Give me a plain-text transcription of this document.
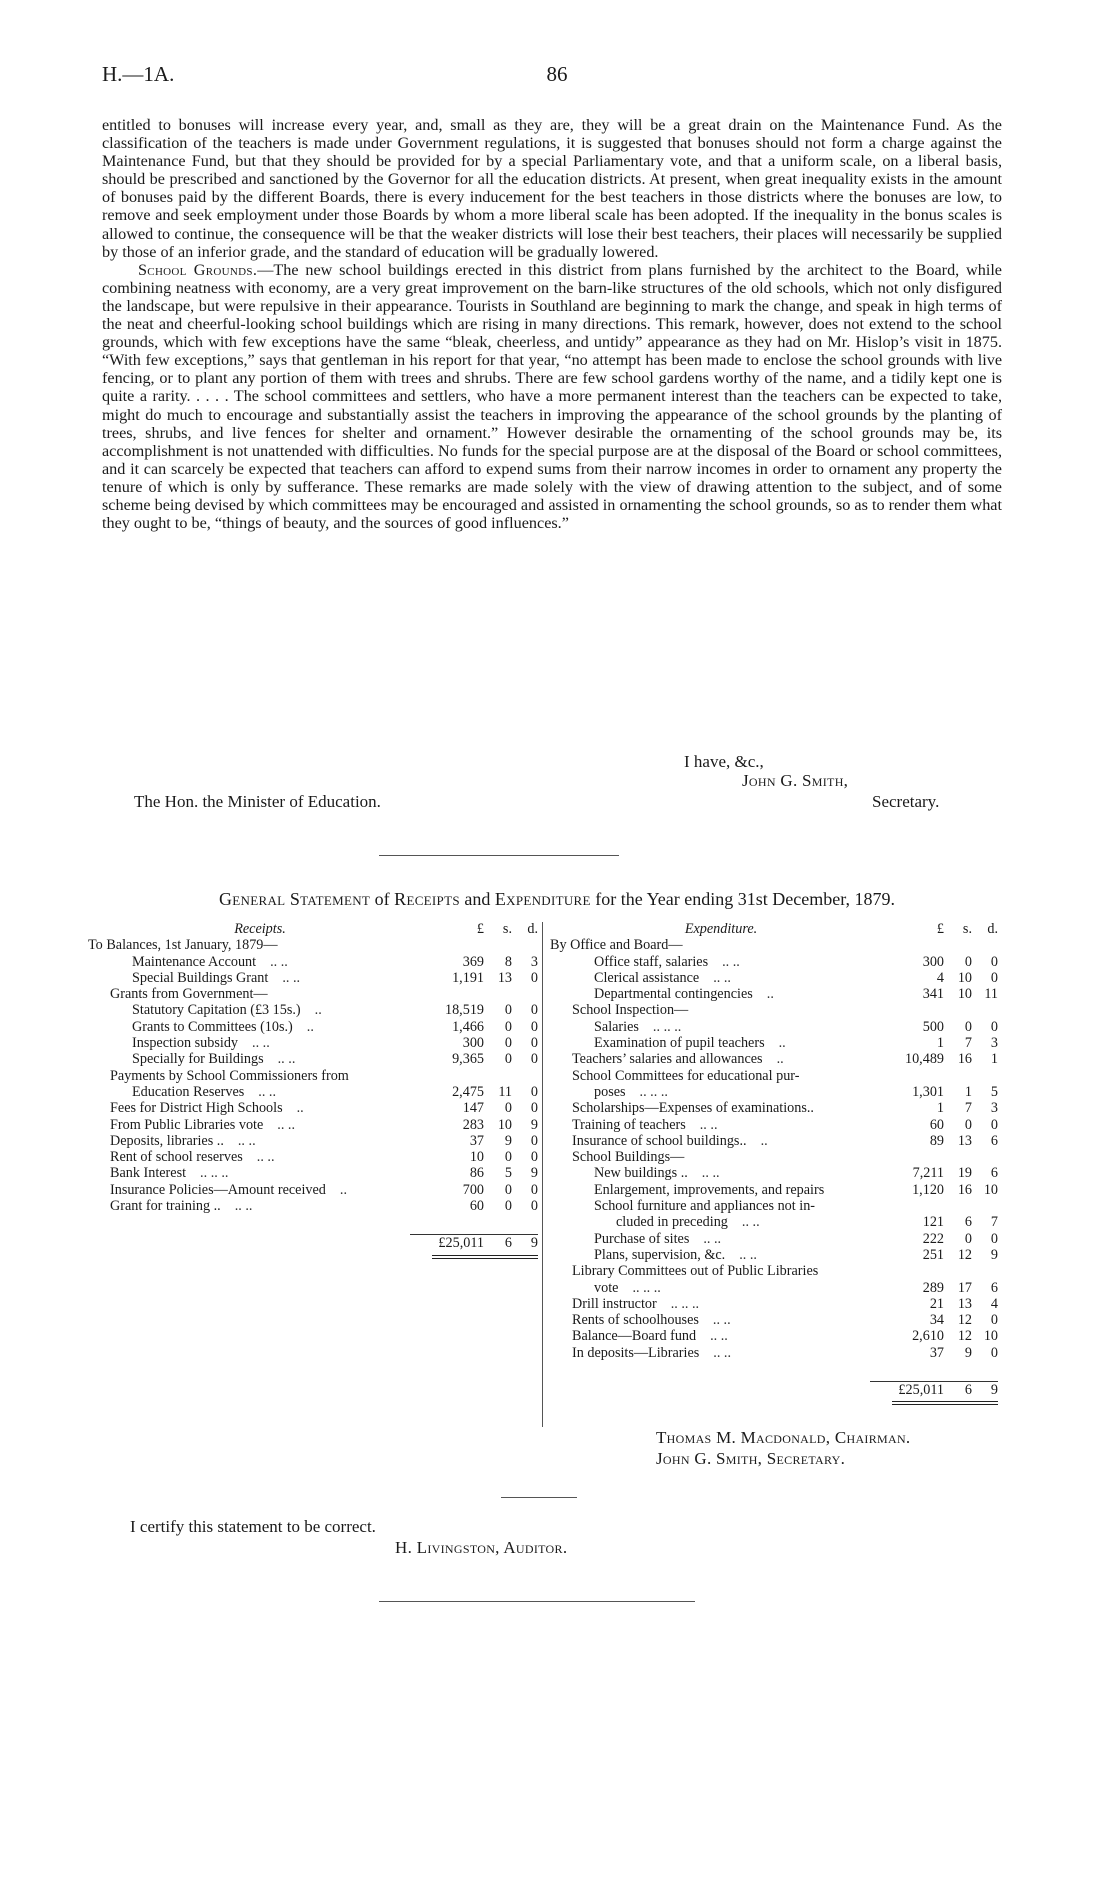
H.—1A.	86

entitled to bonuses will increase every year, and, small as they are, they will be a great drain on the Maintenance Fund. As the classification of the teachers is made under Government regulations, it is suggested that bonuses should not form a charge against the Maintenance Fund, but that they should be provided for by a special Parliamentary vote, and that a uniform scale, on a liberal basis, should be prescribed and sanctioned by the Governor for all the education districts. At present, when great inequality exists in the amount of bonuses paid by the different Boards, there is every inducement for the best teachers in those districts where the bonuses are low, to remove and seek employment under those Boards by whom a more liberal scale has been adopted. If the inequality in the bonus scales is allowed to continue, the consequence will be that the weaker districts will lose their best teachers, their places will necessarily be supplied by those of an inferior grade, and the standard of education will be gradually lowered.

School Grounds.—The new school buildings erected in this district from plans furnished by the architect to the Board, while combining neatness with economy, are a very great improvement on the barn-like structures of the old schools, which not only disfigured the landscape, but were repulsive in their appearance. Tourists in Southland are beginning to mark the change, and speak in high terms of the neat and cheerful-looking school buildings which are rising in many directions. This remark, however, does not extend to the school grounds, which with few exceptions have the same “bleak, cheerless, and untidy” appearance as they had on Mr. Hislop’s visit in 1875. “With few exceptions,” says that gentleman in his report for that year, “no attempt has been made to enclose the school grounds with live fencing, or to plant any portion of them with trees and shrubs. There are few school gardens worthy of the name, and a tidily kept one is quite a rarity. . . . . The school committees and settlers, who have a more permanent interest than the teachers can be expected to take, might do much to encourage and substantially assist the teachers in improving the appearance of the school grounds by the planting of trees, shrubs, and live fences for shelter and ornament.” However desirable the ornamenting of the school grounds may be, its accomplishment is not unattended with difficulties. No funds for the special purpose are at the disposal of the Board or school committees, and it can scarcely be expected that teachers can afford to expend sums from their narrow incomes in order to ornament any property the tenure of which is only by sufferance. These remarks are made solely with the view of drawing attention to the subject, and of some scheme being devised by which committees may be encouraged and assisted in ornamenting the school grounds, so as to render them what they ought to be, “things of beauty, and the sources of good influences.”

I have, &c.,
John G. Smith,
The Hon. the Minister of Education.	Secretary.
General Statement of Receipts and Expenditure for the Year ending 31st December, 1879.
Receipts.	£	s.	d.
To Balances, 1st January, 1879—
Maintenance Account .. ..	369	8	3
Special Buildings Grant .. ..	1,191 13	0
Grants from Government—
Statutory Capitation (£3 15s.) ..	18,519	0	0
Grants to Committees (10s.) ..	1,466	0	0
Inspection subsidy .. ..	300	0	0
Specially for Buildings .. ..	9,365	0	0
Payments by School Commissioners from
Education Reserves .. ..	2,475	11	0
Fees for District High Schools ..	147	0	0
From Public Libraries vote .. ..	283 10	9
Deposits, libraries .. .. ..	37	9	0
Rent of school reserves .. ..	10	0	0
Bank Interest .. .. ..	86	5	9
Insurance Policies—Amount received ..	700	0	0
Grant for training .. .. ..	60	0	0
£25,011	6	9
Expenditure.	£	s.	d.
By Office and Board—
Office staff, salaries .. ..	300	0	0
Clerical assistance .. ..	4 10	0
Departmental contingencies ..	341 10 11
School Inspection—
Salaries .. .. ..	500	0	0
Examination of pupil teachers ..	1	7	3
Teachers’ salaries and allowances ..	10,489 16	1
School Committees for educational pur-
poses .. .. ..	1,301	1	5
Scholarships—Expenses of examinations..	1	7	3
Training of teachers .. ..	60	0	0
Insurance of school buildings.. ..	89 13	6
School Buildings—
New buildings .. .. ..	7,211 19	6
Enlargement, improvements, and repairs	1,120 16 10
School furniture and appliances not in-
cluded in preceding .. ..	121	6	7
Purchase of sites .. ..	222	0	0
Plans, supervision, &c. .. ..	251 12	9
Library Committees out of Public Libraries
vote .. .. ..	289 17	6
Drill instructor .. .. ..	21 13	4
Rents of schoolhouses .. ..	34 12	0
Balance—Board fund .. ..	2,610 12 10
In deposits—Libraries .. ..	37	9	0
£25,011	6	9
Thomas M. Macdonald, Chairman.
John G. Smith, Secretary.
I certify this statement to be correct.
H. Livingston, Auditor.
